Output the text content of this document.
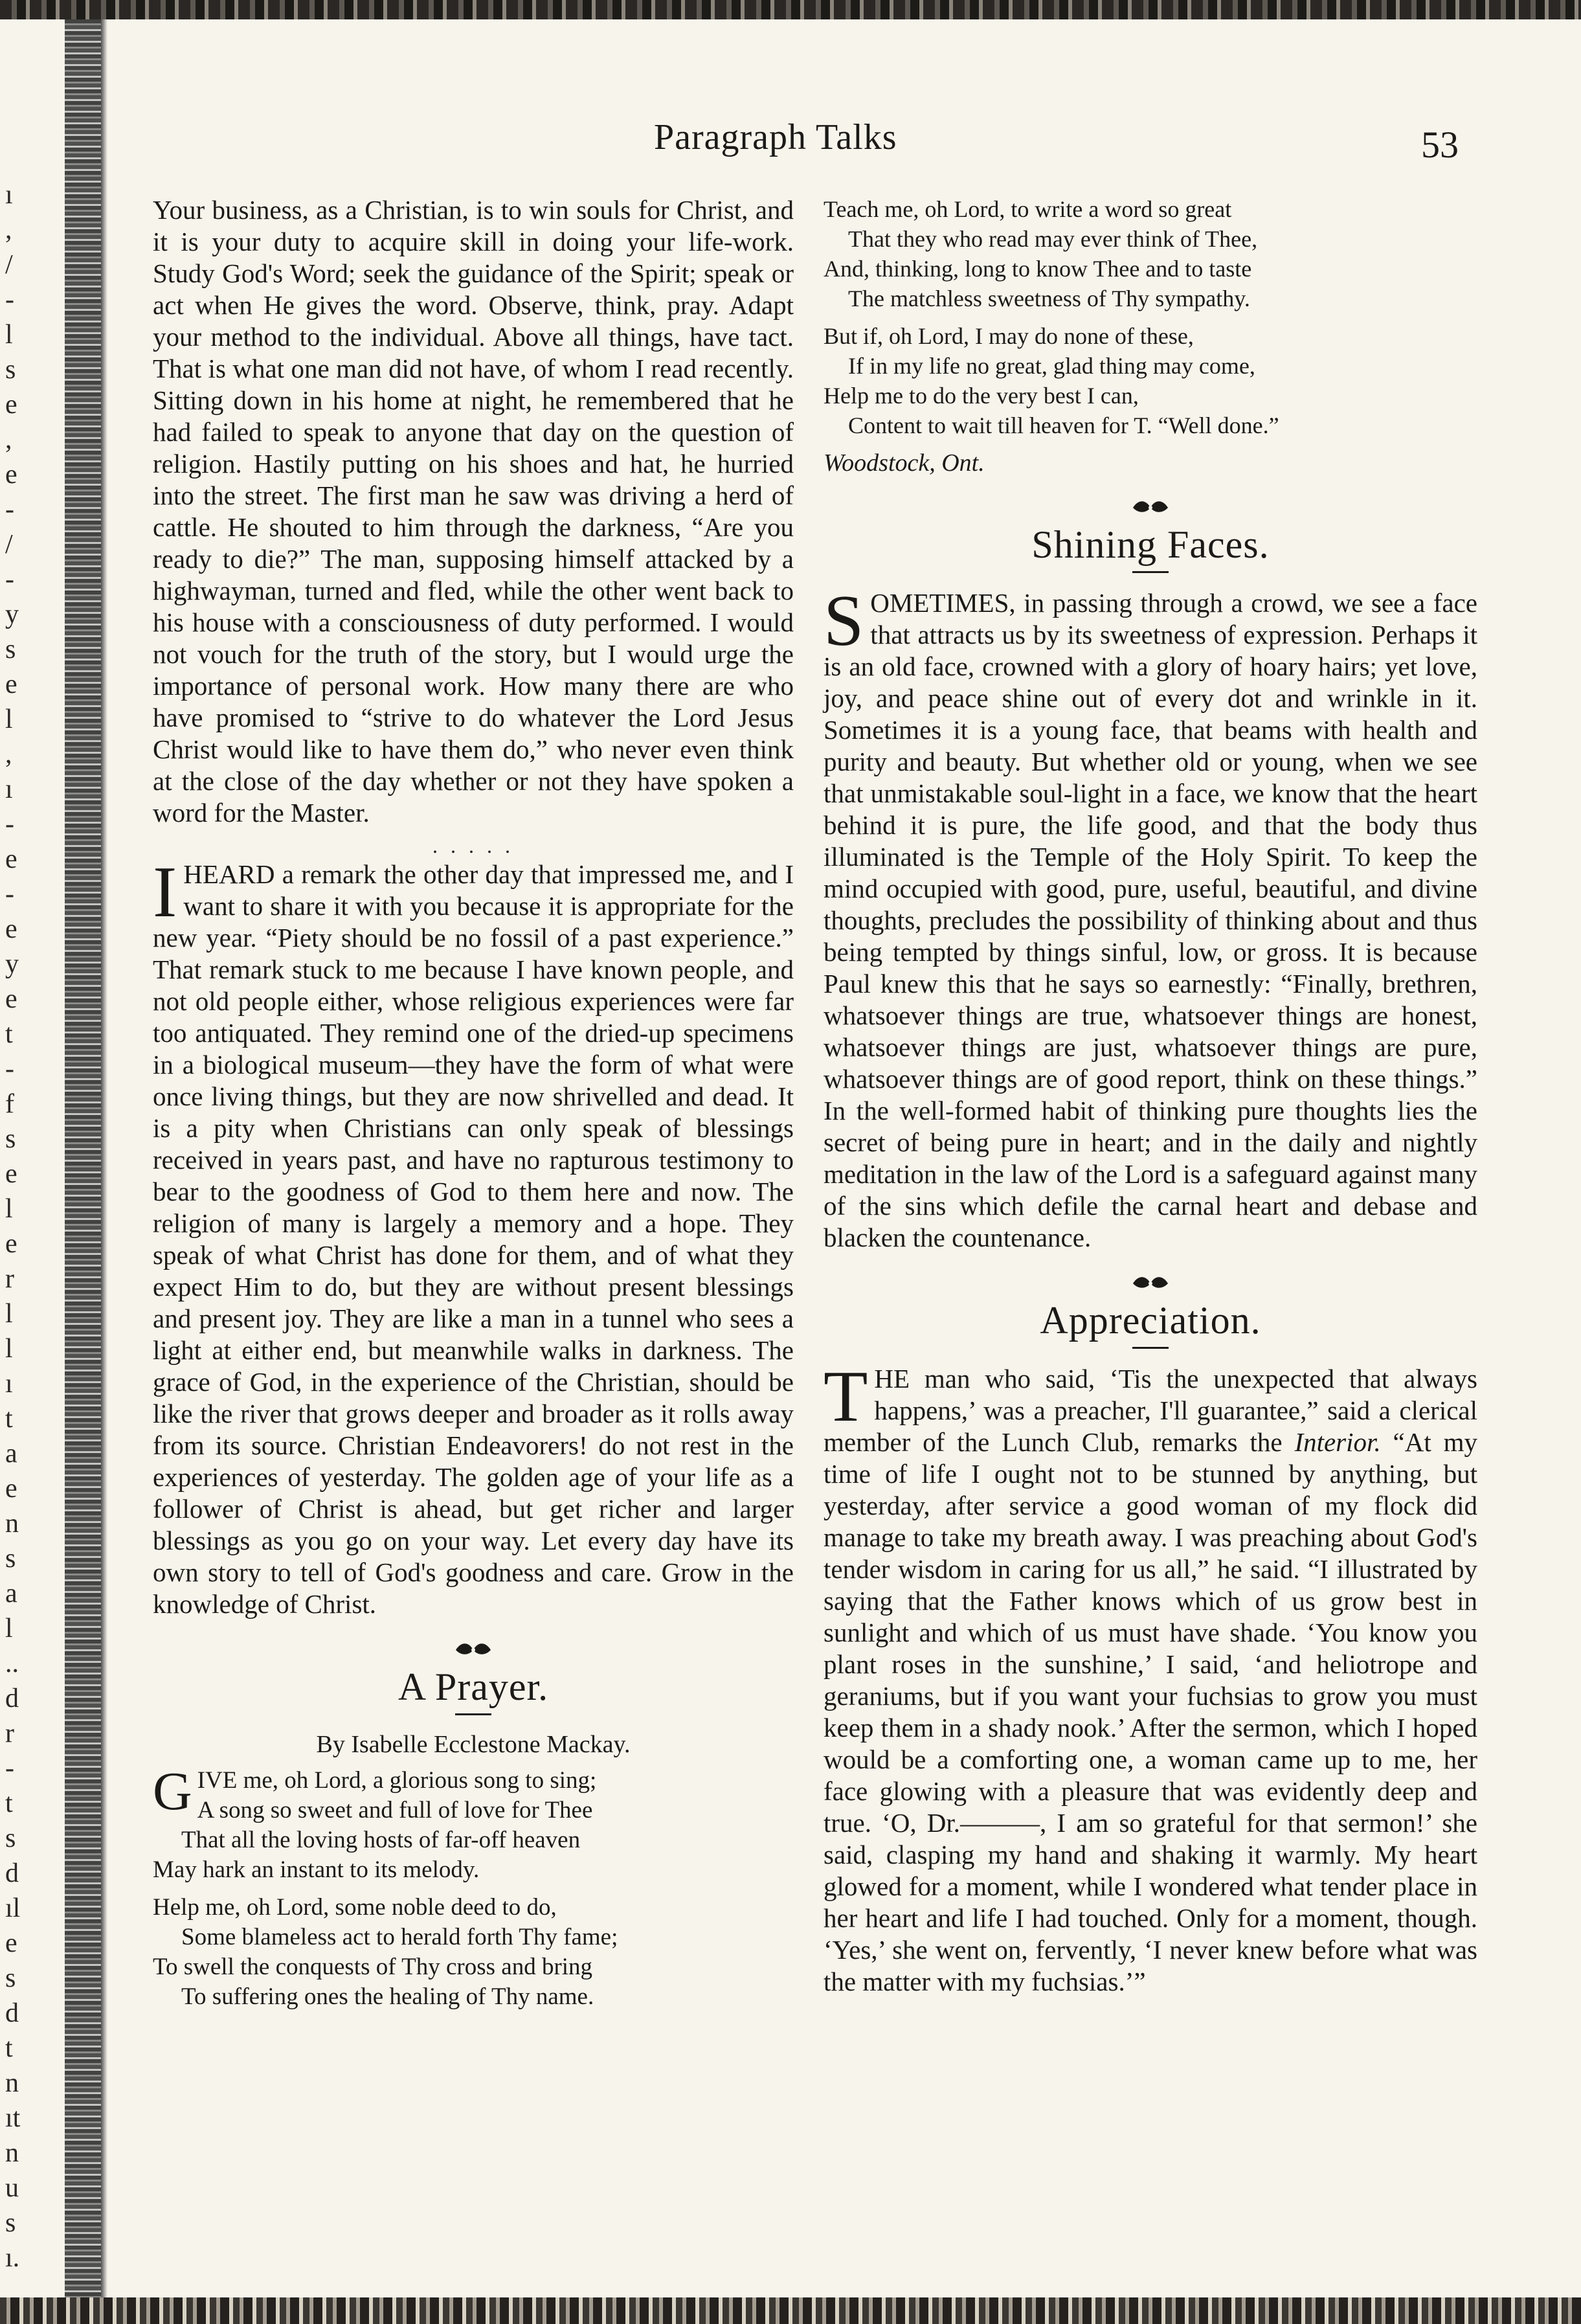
ı
,
/
-
l
s
e
,
e
-
/
-
y
s
e
l
,
ı
-
e
-
e
y
e
t
-
f
s
e
l
e
r
l
l
ı
t
a
e
n
s
a
l
..
d
r
-
t
s
d
ıl
e
s
d
t
n
ıt
n
u
s
ı.
Paragraph Talks	53

Your business, as a Christian, is to win souls for Christ, and it is your duty to acquire skill in doing your life-work. Study God's Word; seek the guidance of the Spirit; speak or act when He gives the word. Observe, think, pray. Adapt your method to the individual. Above all things, have tact. That is what one man did not have, of whom I read recently. Sitting down in his home at night, he remembered that he had failed to speak to anyone that day on the question of religion. Hastily putting on his shoes and hat, he hurried into the street. The first man he saw was driving a herd of cattle. He shouted to him through the darkness, “Are you ready to die?” The man, supposing himself attacked by a highwayman, turned and fled, while the other went back to his house with a consciousness of duty performed. I would not vouch for the truth of the story, but I would urge the importance of personal work. How many there are who have promised to “strive to do whatever the Lord Jesus Christ would like to have them do,” who never even think at the close of the day whether or not they have spoken a word for the Master.

. . . . .

I HEARD a remark the other day that impressed me, and I want to share it with you because it is appropriate for the new year. “Piety should be no fossil of a past experience.” That remark stuck to me because I have known people, and not old people either, whose religious experiences were far too antiquated. They remind one of the dried-up specimens in a biological museum—they have the form of what were once living things, but they are now shrivelled and dead. It is a pity when Christians can only speak of blessings received in years past, and have no rapturous testimony to bear to the goodness of God to them here and now. The religion of many is largely a memory and a hope. They speak of what Christ has done for them, and of what they expect Him to do, but they are without present blessings and present joy. They are like a man in a tunnel who sees a light at either end, but meanwhile walks in darkness. The grace of God, in the experience of the Christian, should be like the river that grows deeper and broader as it rolls away from its source. Christian Endeavorers! do not rest in the experiences of yesterday. The golden age of your life as a follower of Christ is ahead, but get richer and larger blessings as you go on your way. Let every day have its own story to tell of God's goodness and care. Grow in the knowledge of Christ.

A Prayer.
By Isabelle Ecclestone Mackay.
G IVE me, oh Lord, a glorious song to sing;
A song so sweet and full of love for Thee
That all the loving hosts of far-off heaven
May hark an instant to its melody.
Help me, oh Lord, some noble deed to do,
Some blameless act to herald forth Thy fame;
To swell the conquests of Thy cross and bring
To suffering ones the healing of Thy name.
Teach me, oh Lord, to write a word so great
That they who read may ever think of Thee,
And, thinking, long to know Thee and to taste
The matchless sweetness of Thy sympathy.
But if, oh Lord, I may do none of these,
If in my life no great, glad thing may come,
Help me to do the very best I can,
Content to wait till heaven for T. “Well done.”
Woodstock, Ont.
Shining Faces.

SOMETIMES, in passing through a crowd, we see a face that attracts us by its sweetness of expression. Perhaps it is an old face, crowned with a glory of hoary hairs; yet love, joy, and peace shine out of every dot and wrinkle in it. Sometimes it is a young face, that beams with health and purity and beauty. But whether old or young, when we see that unmistakable soul-light in a face, we know that the heart behind it is pure, the life good, and that the body thus illuminated is the Temple of the Holy Spirit. To keep the mind occupied with good, pure, useful, beautiful, and divine thoughts, precludes the possibility of thinking about and thus being tempted by things sinful, low, or gross. It is because Paul knew this that he says so earnestly: “Finally, brethren, whatsoever things are true, whatsoever things are honest, whatsoever things are just, whatsoever things are pure, whatsoever things are of good report, think on these things.” In the well-formed habit of thinking pure thoughts lies the secret of being pure in heart; and in the daily and nightly meditation in the law of the Lord is a safeguard against many of the sins which defile the carnal heart and debase and blacken the countenance.

Appreciation.

THE man who said, ‘Tis the unexpected that always happens,’ was a preacher, I'll guarantee,” said a clerical member of the Lunch Club, remarks the Interior. “At my time of life I ought not to be stunned by anything, but yesterday, after service a good woman of my flock did manage to take my breath away. I was preaching about God's tender wisdom in caring for us all,” he said. “I illustrated by saying that the Father knows which of us grow best in sunlight and which of us must have shade. ‘You know you plant roses in the sunshine,’ I said, ‘and heliotrope and geraniums, but if you want your fuchsias to grow you must keep them in a shady nook.’ After the sermon, which I hoped would be a comforting one, a woman came up to me, her face glowing with a pleasure that was evidently deep and true. ‘O, Dr.———, I am so grateful for that sermon!’ she said, clasping my hand and shaking it warmly. My heart glowed for a moment, while I wondered what tender place in her heart and life I had touched. Only for a moment, though. ‘Yes,’ she went on, fervently, ‘I never knew before what was the matter with my fuchsias.’”
